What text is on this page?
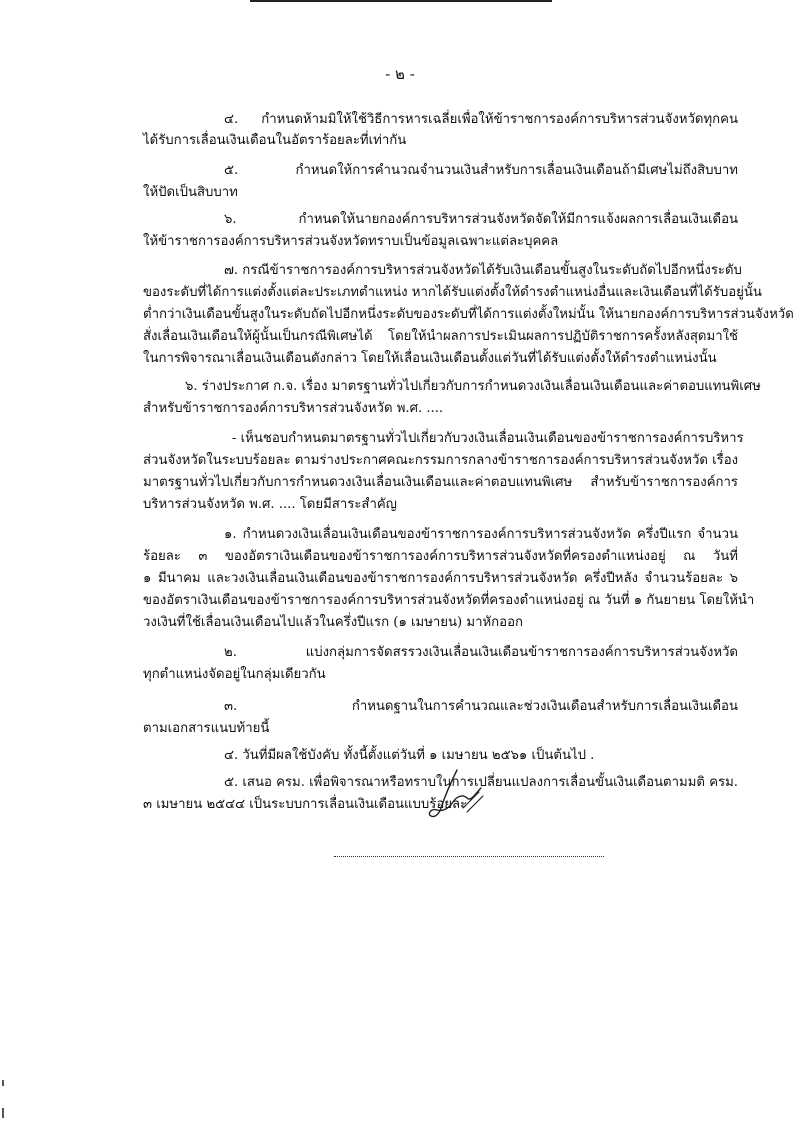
- ๒ -
๔. กำหนดห้ามมิให้ใช้วิธีการหารเฉลี่ยเพื่อให้ข้าราชการองค์การบริหารส่วนจังหวัดทุกคน
ได้รับการเลื่อนเงินเดือนในอัตราร้อยละที่เท่ากัน
๕. กำหนดให้การคำนวณจำนวนเงินสำหรับการเลื่อนเงินเดือนถ้ามีเศษไม่ถึงสิบบาท
ให้ปัดเป็นสิบบาท
๖. กำหนดให้นายกองค์การบริหารส่วนจังหวัดจัดให้มีการแจ้งผลการเลื่อนเงินเดือน
ให้ข้าราชการองค์การบริหารส่วนจังหวัดทราบเป็นข้อมูลเฉพาะแต่ละบุคคล
๗. กรณีข้าราชการองค์การบริหารส่วนจังหวัดได้รับเงินเดือนขั้นสูงในระดับถัดไปอีกหนึ่งระดับ
ของระดับที่ได้การแต่งตั้งแต่ละประเภทตำแหน่ง หากได้รับแต่งตั้งให้ดำรงตำแหน่งอื่นและเงินเดือนที่ได้รับอยู่นั้น
ต่ำกว่าเงินเดือนขั้นสูงในระดับถัดไปอีกหนึ่งระดับของระดับที่ได้การแต่งตั้งใหม่นั้น ให้นายกองค์การบริหารส่วนจังหวัด
สั่งเลื่อนเงินเดือนให้ผู้นั้นเป็นกรณีพิเศษได้ โดยให้นำผลการประเมินผลการปฏิบัติราชการครั้งหลังสุดมาใช้
ในการพิจารณาเลื่อนเงินเดือนดังกล่าว โดยให้เลื่อนเงินเดือนตั้งแต่วันที่ได้รับแต่งตั้งให้ดำรงตำแหน่งนั้น
๖. ร่างประกาศ ก.จ. เรื่อง มาตรฐานทั่วไปเกี่ยวกับการกำหนดวงเงินเลื่อนเงินเดือนและค่าตอบแทนพิเศษ
สำหรับข้าราชการองค์การบริหารส่วนจังหวัด พ.ศ. ....
- เห็นชอบกำหนดมาตรฐานทั่วไปเกี่ยวกับวงเงินเลื่อนเงินเดือนของข้าราชการองค์การบริหาร
ส่วนจังหวัดในระบบร้อยละ ตามร่างประกาศคณะกรรมการกลางข้าราชการองค์การบริหารส่วนจังหวัด เรื่อง
มาตรฐานทั่วไปเกี่ยวกับการกำหนดวงเงินเลื่อนเงินเดือนและค่าตอบแทนพิเศษ สำหรับข้าราชการองค์การ
บริหารส่วนจังหวัด พ.ศ. .... โดยมีสาระสำคัญ
๑. กำหนดวงเงินเลื่อนเงินเดือนของข้าราชการองค์การบริหารส่วนจังหวัด ครึ่งปีแรก จำนวน
ร้อยละ ๓ ของอัตราเงินเดือนของข้าราชการองค์การบริหารส่วนจังหวัดที่ครองตำแหน่งอยู่ ณ วันที่
๑ มีนาคม และวงเงินเลื่อนเงินเดือนของข้าราชการองค์การบริหารส่วนจังหวัด ครึ่งปีหลัง จำนวนร้อยละ ๖
ของอัตราเงินเดือนของข้าราชการองค์การบริหารส่วนจังหวัดที่ครองตำแหน่งอยู่ ณ วันที่ ๑ กันยายน โดยให้นำ
วงเงินที่ใช้เลื่อนเงินเดือนไปแล้วในครึ่งปีแรก (๑ เมษายน) มาหักออก
๒. แบ่งกลุ่มการจัดสรรวงเงินเลื่อนเงินเดือนข้าราชการองค์การบริหารส่วนจังหวัด
ทุกตำแหน่งจัดอยู่ในกลุ่มเดียวกัน
๓. กำหนดฐานในการคำนวณและช่วงเงินเดือนสำหรับการเลื่อนเงินเดือน
ตามเอกสารแนบท้ายนี้
๔. วันที่มีผลใช้บังคับ ทั้งนี้ตั้งแต่วันที่ ๑ เมษายน ๒๕๖๑ เป็นต้นไป .
๕. เสนอ ครม. เพื่อพิจารณาหรือทราบในการเปลี่ยนแปลงการเลื่อนขั้นเงินเดือนตามมติ ครม.
๓ เมษายน ๒๕๔๔ เป็นระบบการเลื่อนเงินเดือนแบบร้อยละ
